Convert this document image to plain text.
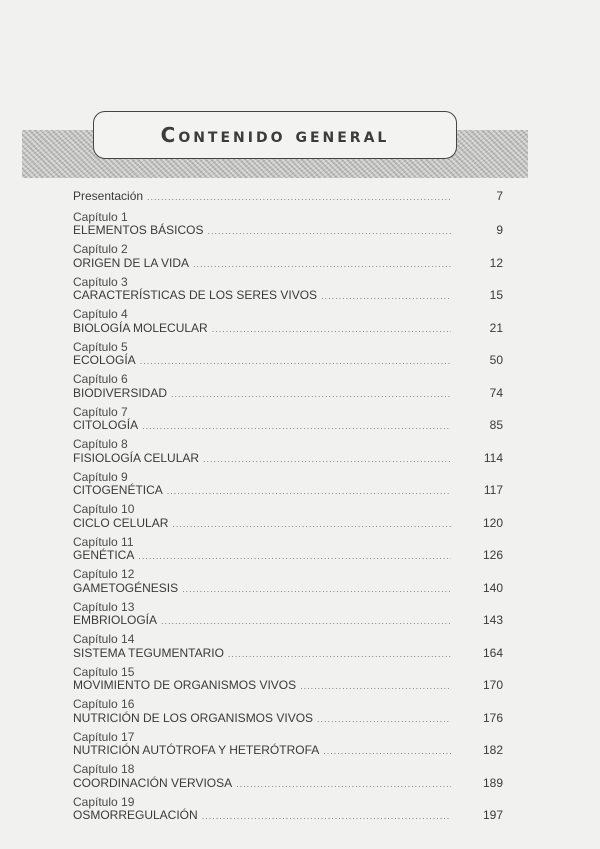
Contenido general
Presentación .....	7
Capítulo 1
ELEMENTOS BÁSICOS .....	9
Capítulo 2
ORIGEN DE LA VIDA .....	12
Capítulo 3
CARACTERÍSTICAS DE LOS SERES VIVOS .....	15
Capítulo 4
BIOLOGÍA MOLECULAR .....	21
Capítulo 5
ECOLOGÍA .....	50
Capítulo 6
BIODIVERSIDAD .....	74
Capítulo 7
CITOLOGÍA .....	85
Capítulo 8
FISIOLOGÍA CELULAR .....	114
Capítulo 9
CITOGENÉTICA .....	117
Capítulo 10
CICLO CELULAR .....	120
Capítulo 11
GENÉTICA .....	126
Capítulo 12
GAMETOGÉNESIS .....	140
Capítulo 13
EMBRIOLOGÍA .....	143
Capítulo 14
SISTEMA TEGUMENTARIO .....	164
Capítulo 15
MOVIMIENTO DE ORGANISMOS VIVOS .....	170
Capítulo 16
NUTRICIÓN DE LOS ORGANISMOS VIVOS .....	176
Capítulo 17
NUTRICIÓN AUTÓTROFA Y HETERÓTROFA .....	182
Capítulo 18
COORDINACIÓN VERVIOSA .....	189
Capítulo 19
OSMORREGULACIÓN .....	197
